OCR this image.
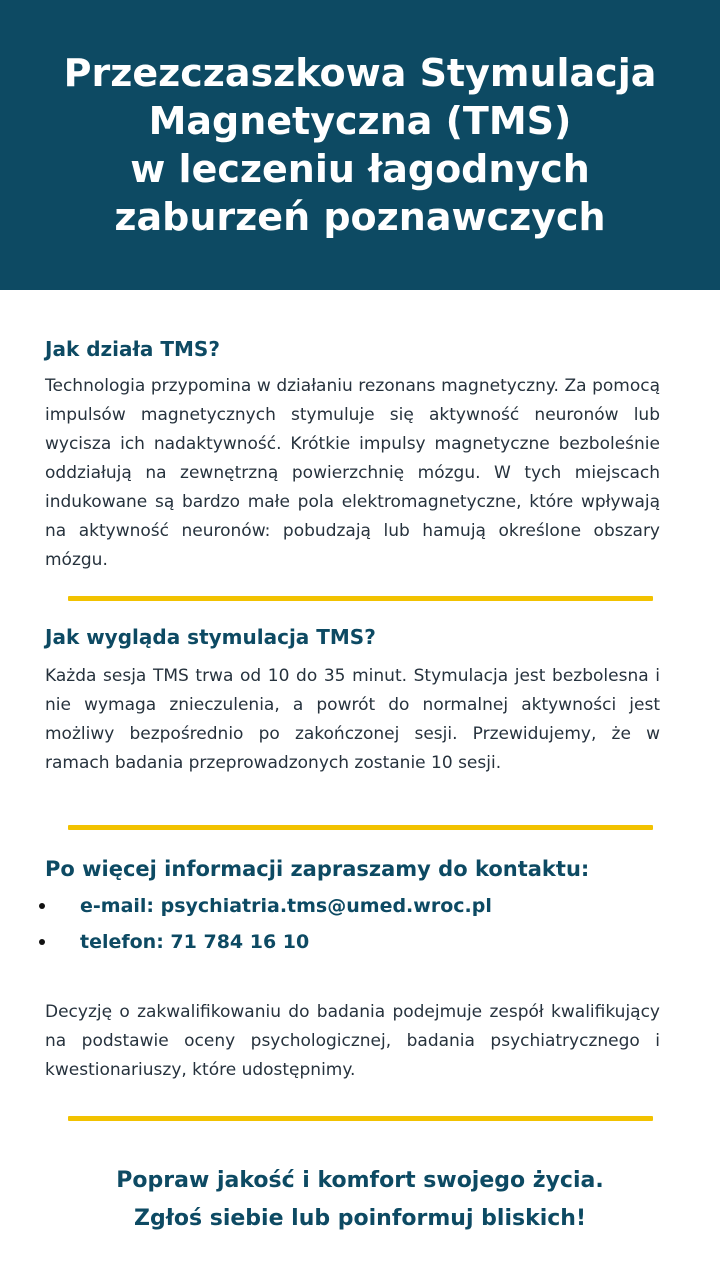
Przezczaszkowa Stymulacja
Magnetyczna (TMS)
w leczeniu łagodnych
zaburzeń poznawczych
Jak działa TMS?

Technologia przypomina w działaniu rezonans magnetyczny. Za pomocą impulsów magnetycznych stymuluje się aktywność neuronów lub wycisza ich nadaktywność. Krótkie impulsy magnetyczne bezboleśnie oddziałują na zewnętrzną powierzchnię mózgu. W tych miejscach indukowane są bardzo małe pola elektromagnetyczne, które wpływają na aktywność neuronów: pobudzają lub hamują określone obszary mózgu.

Jak wygląda stymulacja TMS?

Każda sesja TMS trwa od 10 do 35 minut. Stymulacja jest bezbolesna i nie wymaga znieczulenia, a powrót do normalnej aktywności jest możliwy bezpośrednio po zakończonej sesji. Przewidujemy, że w ramach badania przeprowadzonych zostanie 10 sesji.

Po więcej informacji zapraszamy do kontaktu:
e-mail: psychiatria.tms@umed.wroc.pl
telefon: 71 784 16 10

Decyzję o zakwalifikowaniu do badania podejmuje zespół kwalifikujący na podstawie oceny psychologicznej, badania psychiatrycznego i kwestionariuszy, które udostępnimy.

Popraw jakość i komfort swojego życia.
Zgłoś siebie lub poinformuj bliskich!
